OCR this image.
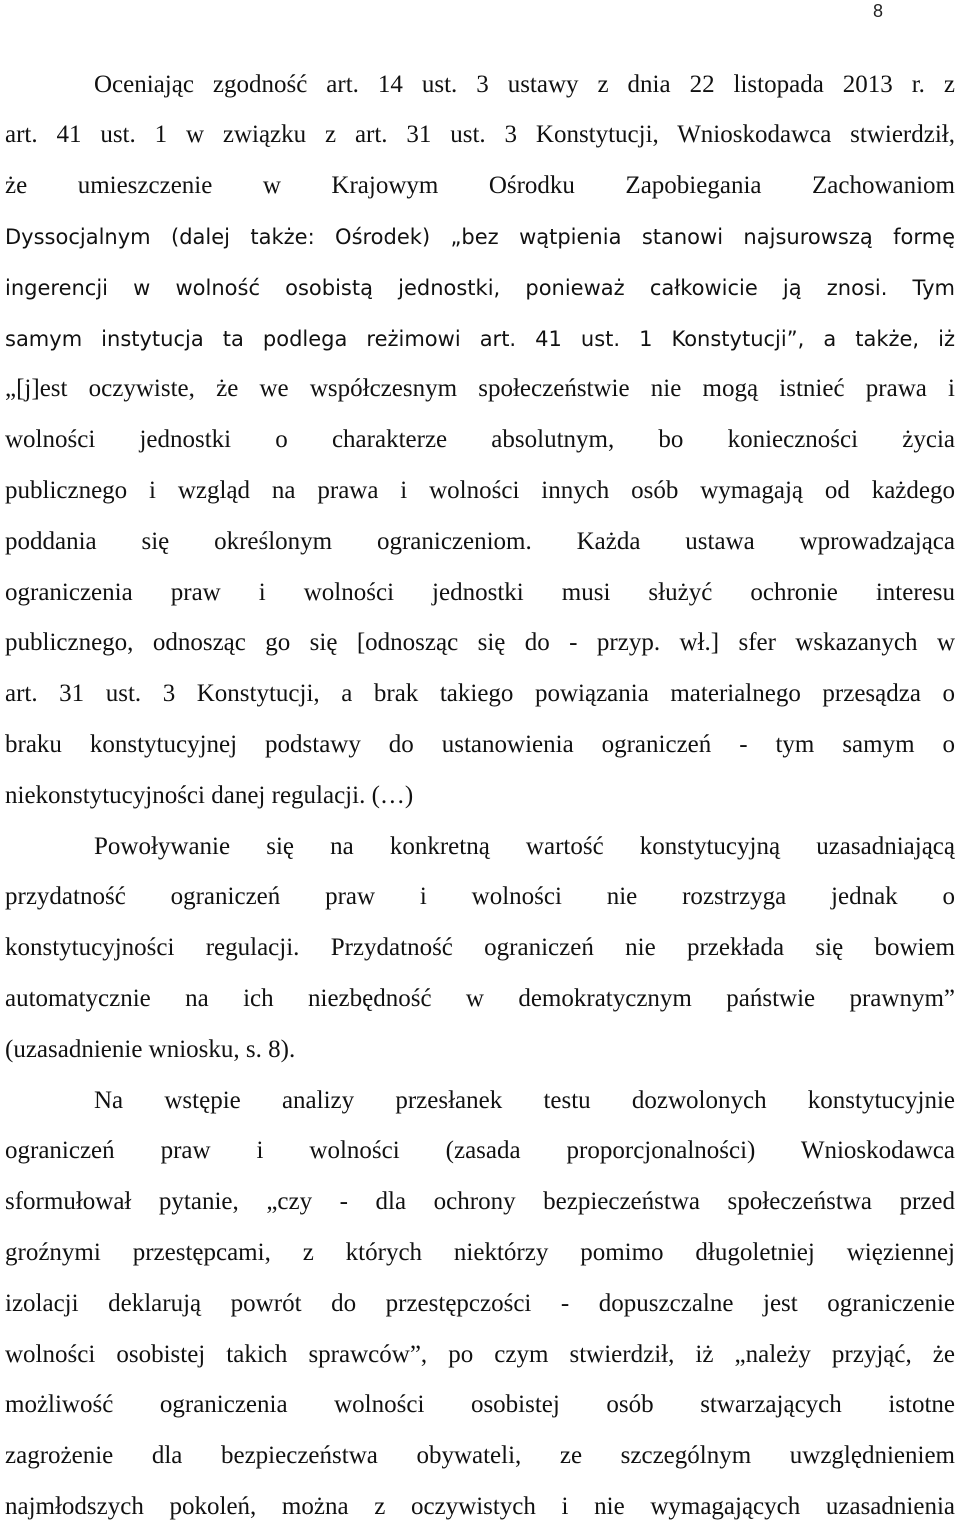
8
Oceniając zgodność art. 14 ust. 3 ustawy z dnia 22 listopada 2013 r. z
art. 41 ust. 1 w związku z art. 31 ust. 3 Konstytucji, Wnioskodawca stwierdził,
że umieszczenie w Krajowym Ośrodku Zapobiegania Zachowaniom
Dyssocjalnym (dalej także: Ośrodek) „bez wątpienia stanowi najsurowszą formę
ingerencji w wolność osobistą jednostki, ponieważ całkowicie ją znosi. Tym
samym instytucja ta podlega reżimowi art. 41 ust. 1 Konstytucji”, a także, iż
„[j]est oczywiste, że we współczesnym społeczeństwie nie mogą istnieć prawa i
wolności jednostki o charakterze absolutnym, bo konieczności życia
publicznego i wzgląd na prawa i wolności innych osób wymagają od każdego
poddania się określonym ograniczeniom. Każda ustawa wprowadzająca
ograniczenia praw i wolności jednostki musi służyć ochronie interesu
publicznego, odnosząc go się [odnosząc się do - przyp. wł.] sfer wskazanych w
art. 31 ust. 3 Konstytucji, a brak takiego powiązania materialnego przesądza o
braku konstytucyjnej podstawy do ustanowienia ograniczeń - tym samym o
niekonstytucyjności danej regulacji. (…)
Powoływanie się na konkretną wartość konstytucyjną uzasadniającą
przydatność ograniczeń praw i wolności nie rozstrzyga jednak o
konstytucyjności regulacji. Przydatność ograniczeń nie przekłada się bowiem
automatycznie na ich niezbędność w demokratycznym państwie prawnym”
(uzasadnienie wniosku, s. 8).
Na wstępie analizy przesłanek testu dozwolonych konstytucyjnie
ograniczeń praw i wolności (zasada proporcjonalności) Wnioskodawca
sformułował pytanie, „czy - dla ochrony bezpieczeństwa społeczeństwa przed
groźnymi przestępcami, z których niektórzy pomimo długoletniej więziennej
izolacji deklarują powrót do przestępczości - dopuszczalne jest ograniczenie
wolności osobistej takich sprawców”, po czym stwierdził, iż „należy przyjąć, że
możliwość ograniczenia wolności osobistej osób stwarzających istotne
zagrożenie dla bezpieczeństwa obywateli, ze szczególnym uwzględnieniem
najmłodszych pokoleń, można z oczywistych i nie wymagających uzasadnienia
